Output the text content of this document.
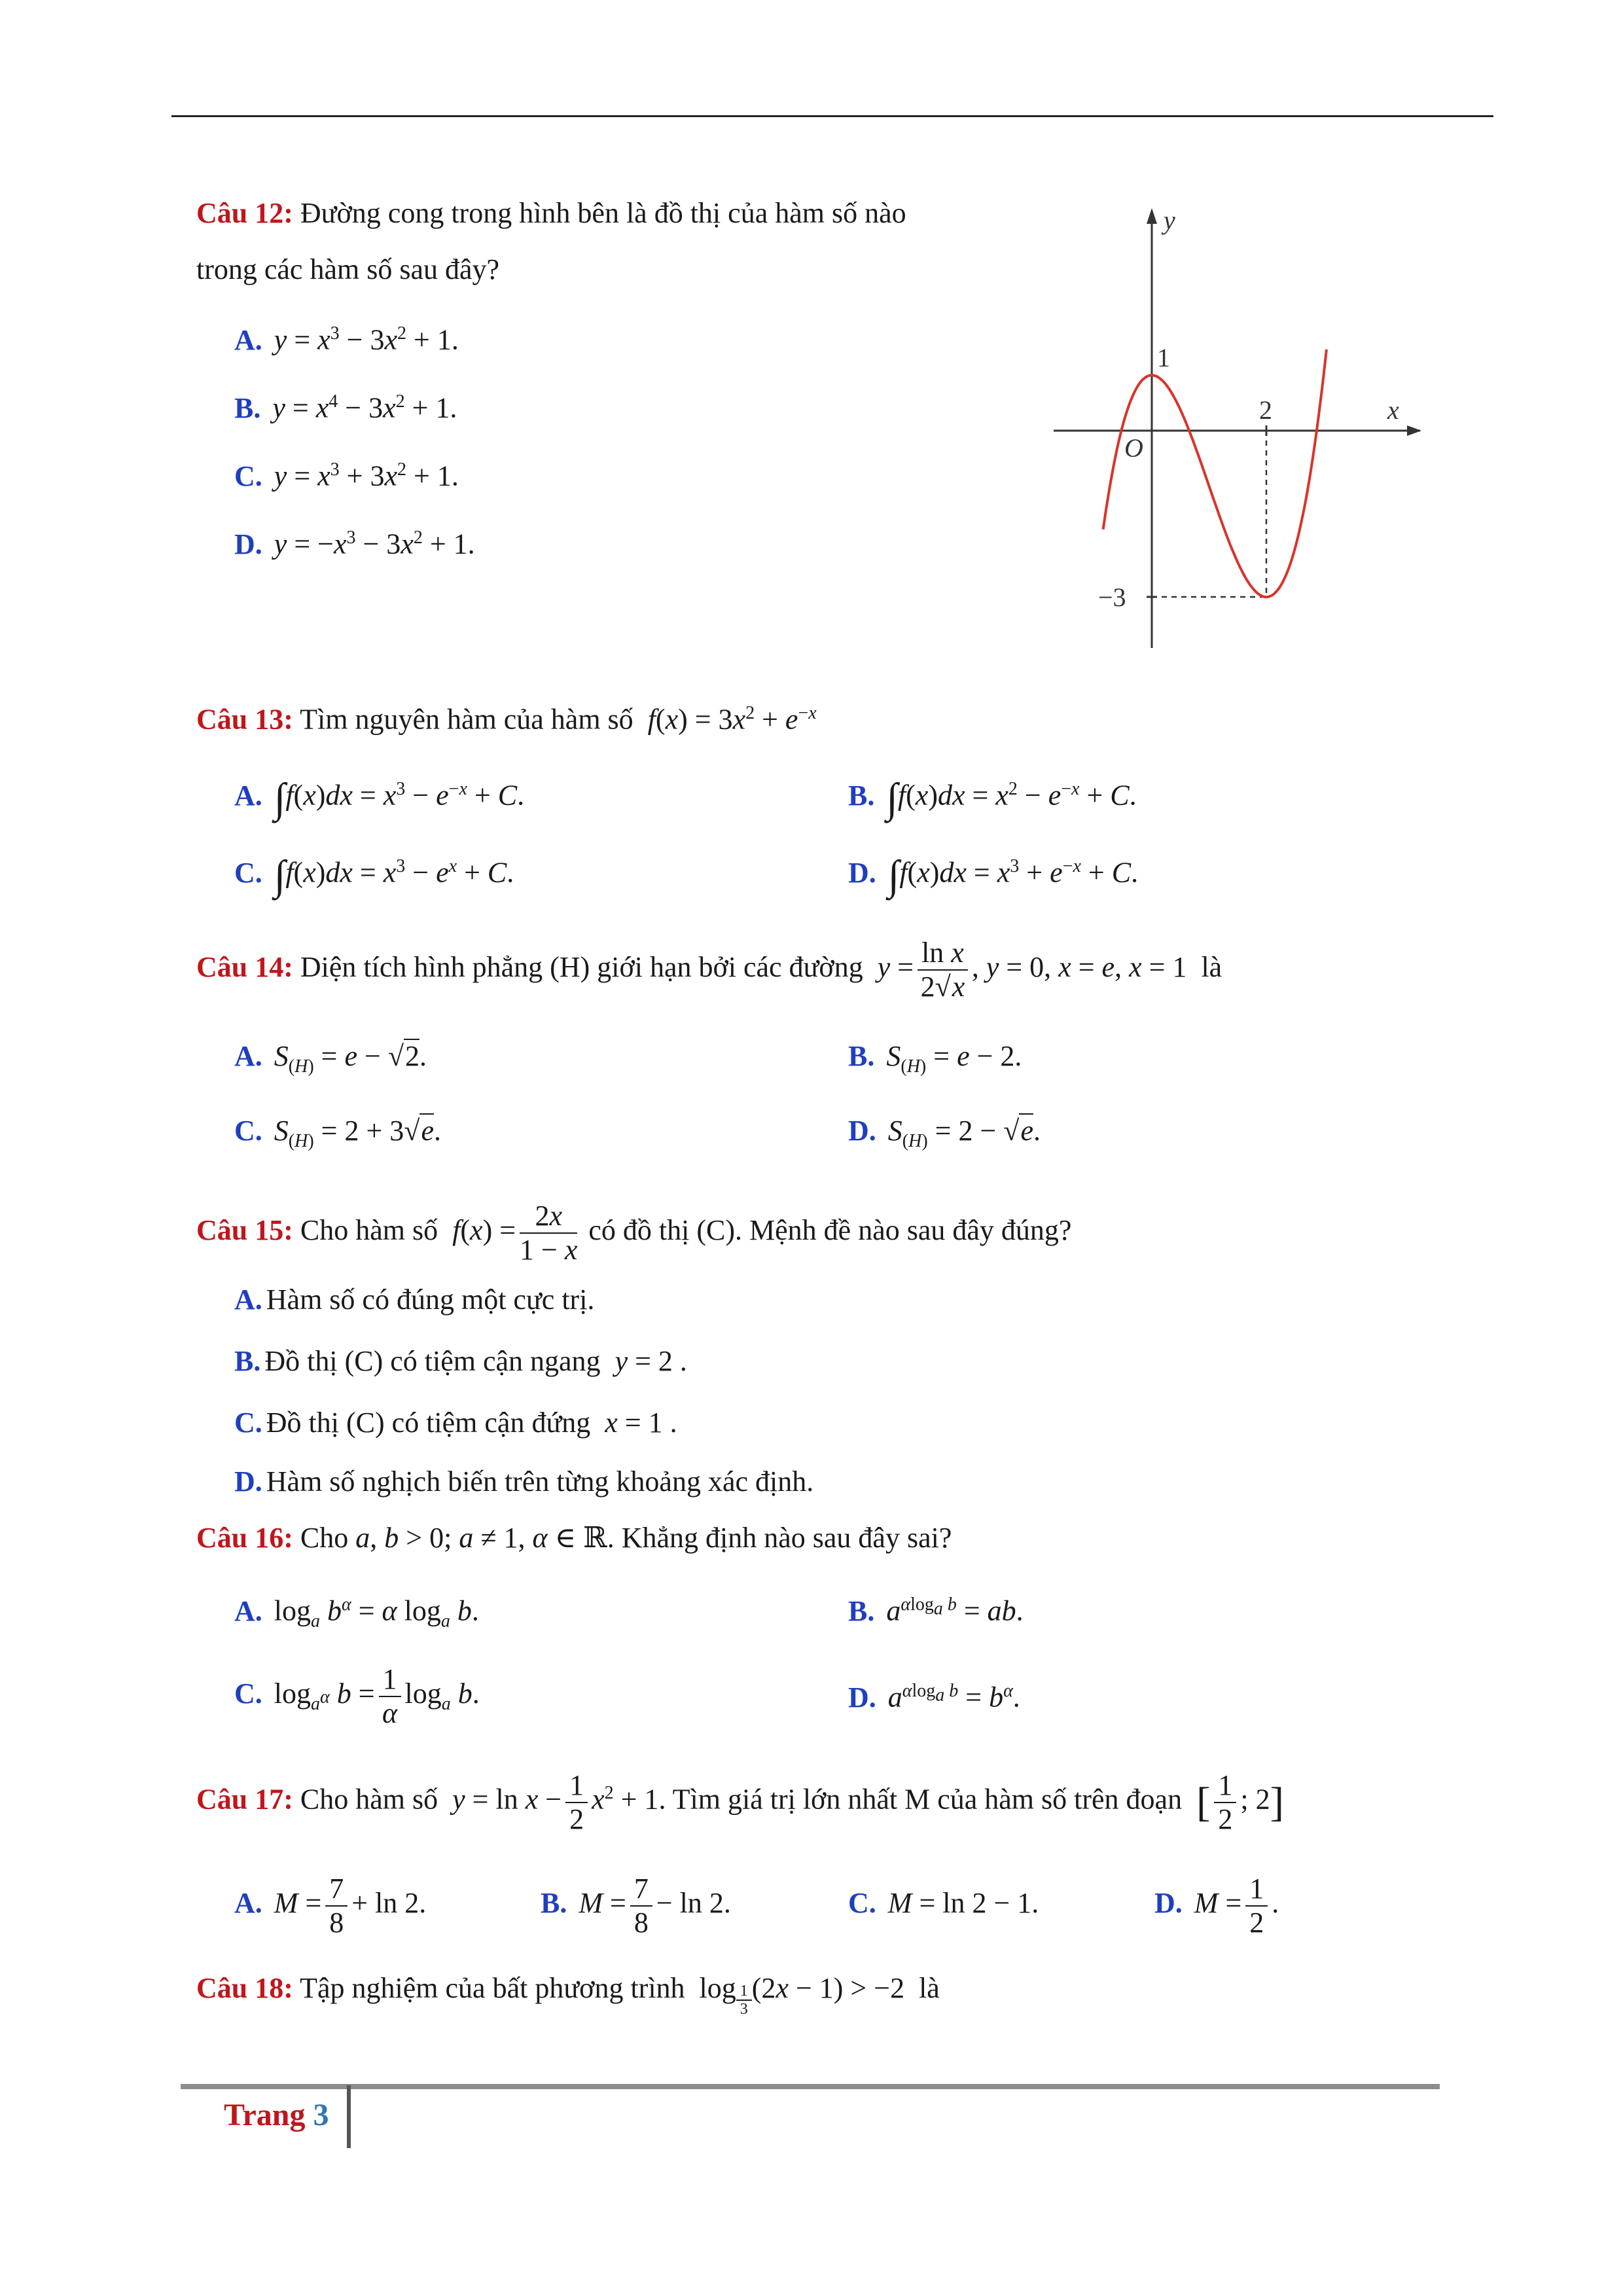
Câu 12: Đường cong trong hình bên là đồ thị của hàm số nào
trong các hàm số sau đây?
A. $y = x^3 - 3x^2 + 1$.
B. $y = x^4 - 3x^2 + 1$.
C. $y = x^3 + 3x^2 + 1$.
D. $y = -x^3 - 3x^2 + 1$.
y
x
O
1
2
−3
Câu 13: Tìm nguyên hàm của hàm số $f(x) = 3x^2 + e^{-x}$
A. $\int f(x)dx = x^3 - e^{-x} + C$.	B. $\int f(x)dx = x^2 - e^{-x} + C$.
C. $\int f(x)dx = x^3 - e^x + C$.	D. $\int f(x)dx = x^3 + e^{-x} + C$.
Câu 14: Diện tích hình phẳng (H) giới hạn bởi các đường $y = \frac{\text{ln x}}{2√x}$ , y = 0, x = e, x = 1  là
A. $S_{(H)} = e - √2$.	B. $S_{(H)} = e - 2$.
C. $S_{(H)} = 2 + 3√e$.	D. $S_{(H)} = 2 - √e$.
Câu 15: Cho hàm số $f(x) = \frac{2x}{1 - x}$ có đồ thị (C). Mệnh đề nào sau đây đúng?
A. Hàm số có đúng một cực trị.
B. Đồ thị (C) có tiệm cận ngang y = 2 .
C. Đồ thị (C) có tiệm cận đứng x = 1 .
D. Hàm số nghịch biến trên từng khoảng xác định.
Câu 16: Cho a, b > 0; a ≠ 1, α ∈ ℝ. Khẳng định nào sau đây sai?
A. $\log_a b^\alpha = \alpha$ $\log_a b$.	B. $a^{\alpha log_a b}$ = ab.
C. $\log_{a^\alpha} b = \frac{1}{\alpha} \log_a b$.	D. $a^{\alpha log_a b} = b^\alpha$.
Câu 17: Cho hàm số $y = \ln x - \frac{1}{2} x^2 + 1$. Tìm giá trị lớn nhất M của hàm số trên đoạn [ $\frac{1}{2}$ ; 2]
A. $M = \frac{7}{8} + \ln 2$.	B. $M = \frac{7}{8} - \ln 2$.	C. M = ln 2 − 1.	D. $M = \frac{1}{2}$ .
Câu 18: Tập nghiệm của bất phương trình  log $_{\frac{1}{3}}$ (2x − 1) > −2  là
Trang 3
